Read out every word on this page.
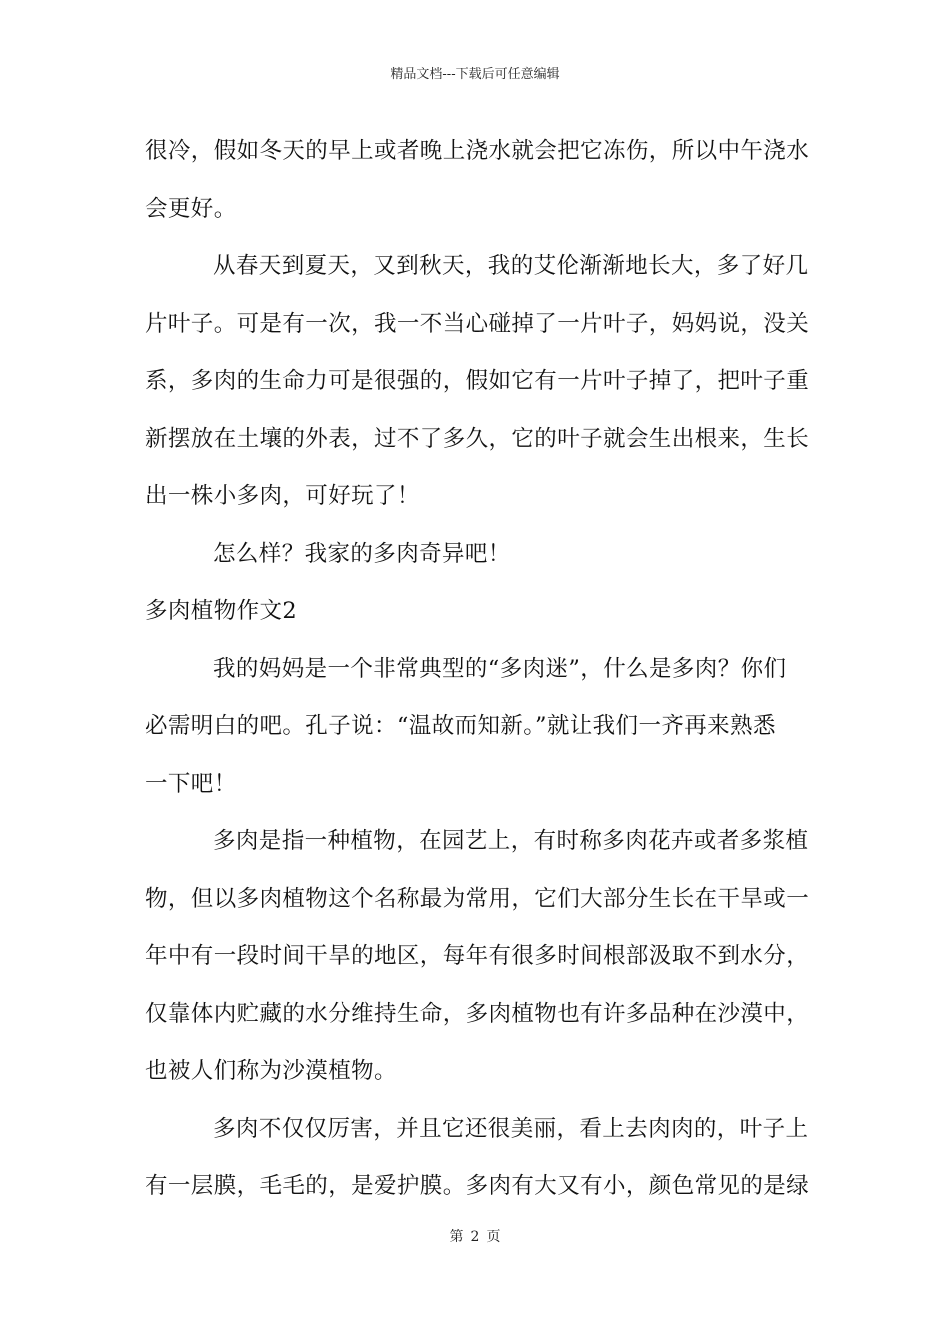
精品文档---下载后可任意编辑
很冷，假如冬天的早上或者晚上浇水就会把它冻伤，所以中午浇水
会更好。
从春天到夏天，又到秋天，我的艾伦渐渐地长大，多了好几
片叶子。可是有一次，我一不当心碰掉了一片叶子，妈妈说，没关
系，多肉的生命力可是很强的，假如它有一片叶子掉了，把叶子重
新摆放在土壤的外表，过不了多久，它的叶子就会生出根来，生长
出一株小多肉，可好玩了！
怎么样？我家的多肉奇异吧！
多肉植物作文2
我的妈妈是一个非常典型的“多肉迷”，什么是多肉？你们
必需明白的吧。孔子说：“温故而知新。”就让我们一齐再来熟悉
一下吧！
多肉是指一种植物，在园艺上，有时称多肉花卉或者多浆植
物，但以多肉植物这个名称最为常用，它们大部分生长在干旱或一
年中有一段时间干旱的地区，每年有很多时间根部汲取不到水分，
仅靠体内贮藏的水分维持生命，多肉植物也有许多品种在沙漠中，
也被人们称为沙漠植物。
多肉不仅仅厉害，并且它还很美丽，看上去肉肉的，叶子上
有一层膜，毛毛的，是爱护膜。多肉有大又有小，颜色常见的是绿
第 2 页
